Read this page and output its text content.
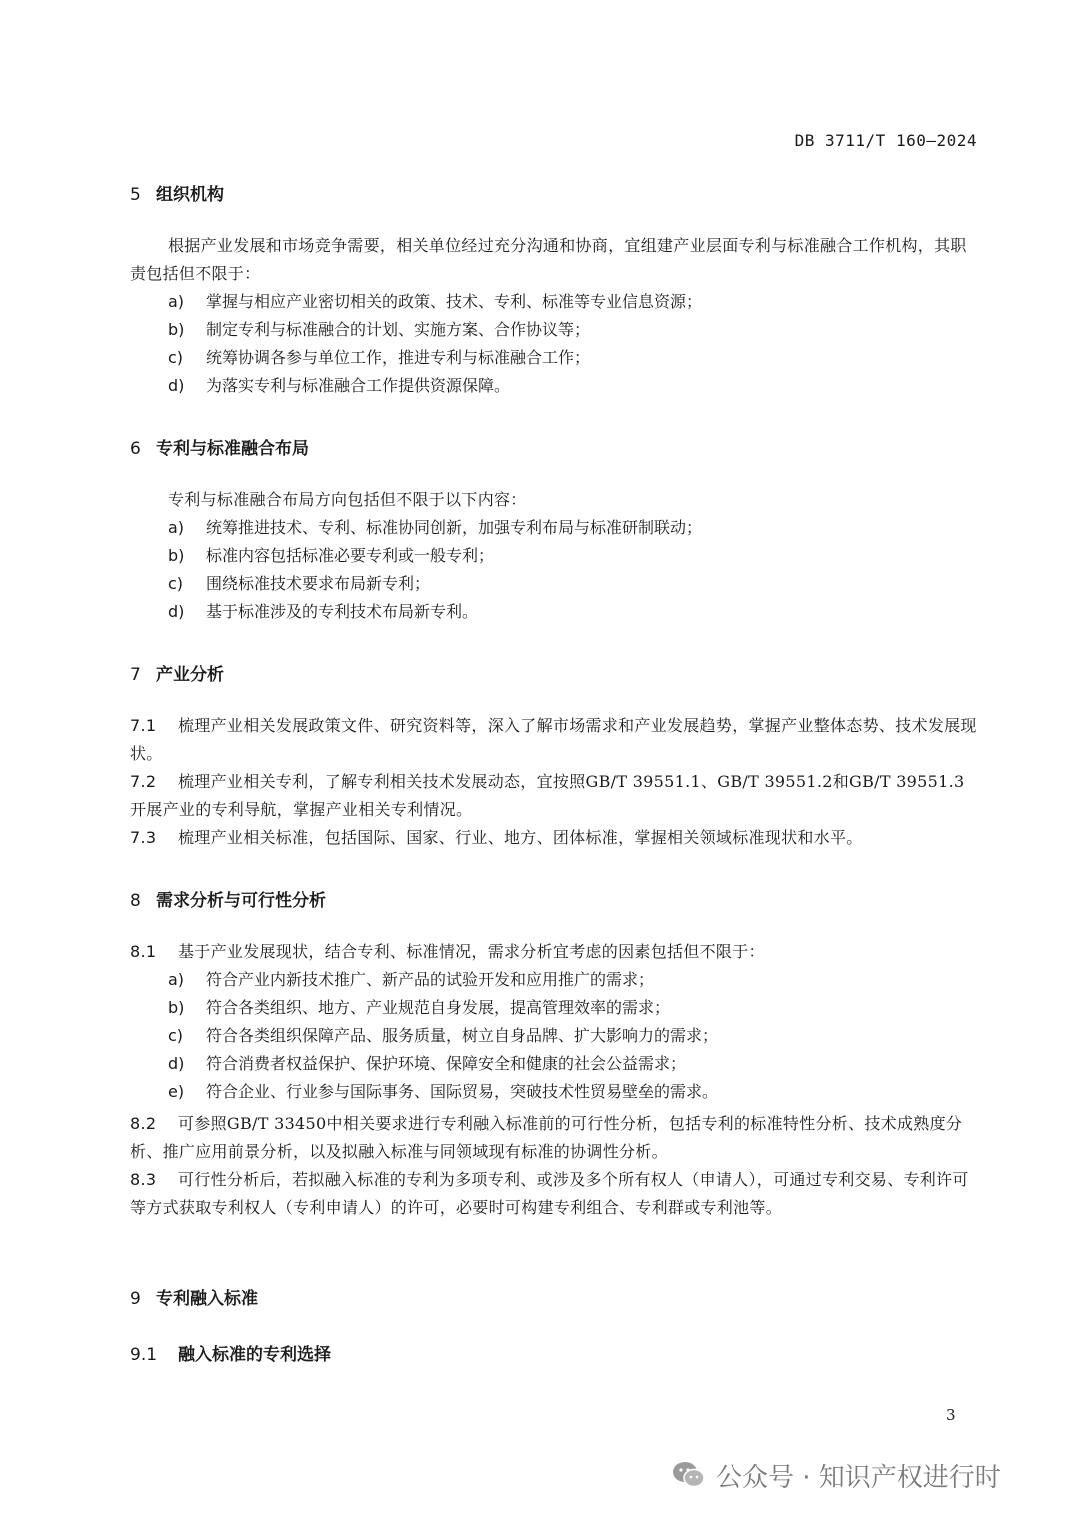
DB 3711/T 160—2024
5 组织机构
根据产业发展和市场竞争需要，相关单位经过充分沟通和协商，宜组建产业层面专利与标准融合工作机构，其职责包括但不限于：
a) 掌握与相应产业密切相关的政策、技术、专利、标准等专业信息资源；
b) 制定专利与标准融合的计划、实施方案、合作协议等；
c) 统筹协调各参与单位工作，推进专利与标准融合工作；
d) 为落实专利与标准融合工作提供资源保障。
6 专利与标准融合布局
专利与标准融合布局方向包括但不限于以下内容：
a) 统筹推进技术、专利、标准协同创新，加强专利布局与标准研制联动；
b) 标准内容包括标准必要专利或一般专利；
c) 围绕标准技术要求布局新专利；
d) 基于标准涉及的专利技术布局新专利。
7 产业分析
7.1 梳理产业相关发展政策文件、研究资料等，深入了解市场需求和产业发展趋势，掌握产业整体态势、技术发展现状。
7.2 梳理产业相关专利，了解专利相关技术发展动态，宜按照GB/T 39551.1、GB/T 39551.2和GB/T 39551.3开展产业的专利导航，掌握产业相关专利情况。
7.3 梳理产业相关标准，包括国际、国家、行业、地方、团体标准，掌握相关领域标准现状和水平。
8 需求分析与可行性分析
8.1 基于产业发展现状，结合专利、标准情况，需求分析宜考虑的因素包括但不限于：
a) 符合产业内新技术推广、新产品的试验开发和应用推广的需求；
b) 符合各类组织、地方、产业规范自身发展，提高管理效率的需求；
c) 符合各类组织保障产品、服务质量，树立自身品牌、扩大影响力的需求；
d) 符合消费者权益保护、保护环境、保障安全和健康的社会公益需求；
e) 符合企业、行业参与国际事务、国际贸易，突破技术性贸易壁垒的需求。
8.2 可参照GB/T 33450中相关要求进行专利融入标准前的可行性分析，包括专利的标准特性分析、技术成熟度分析、推广应用前景分析，以及拟融入标准与同领域现有标准的协调性分析。
8.3 可行性分析后，若拟融入标准的专利为多项专利、或涉及多个所有权人（申请人），可通过专利交易、专利许可等方式获取专利权人（专利申请人）的许可，必要时可构建专利组合、专利群或专利池等。
9 专利融入标准
9.1 融入标准的专利选择
3
公众号 · 知识产权进行时
